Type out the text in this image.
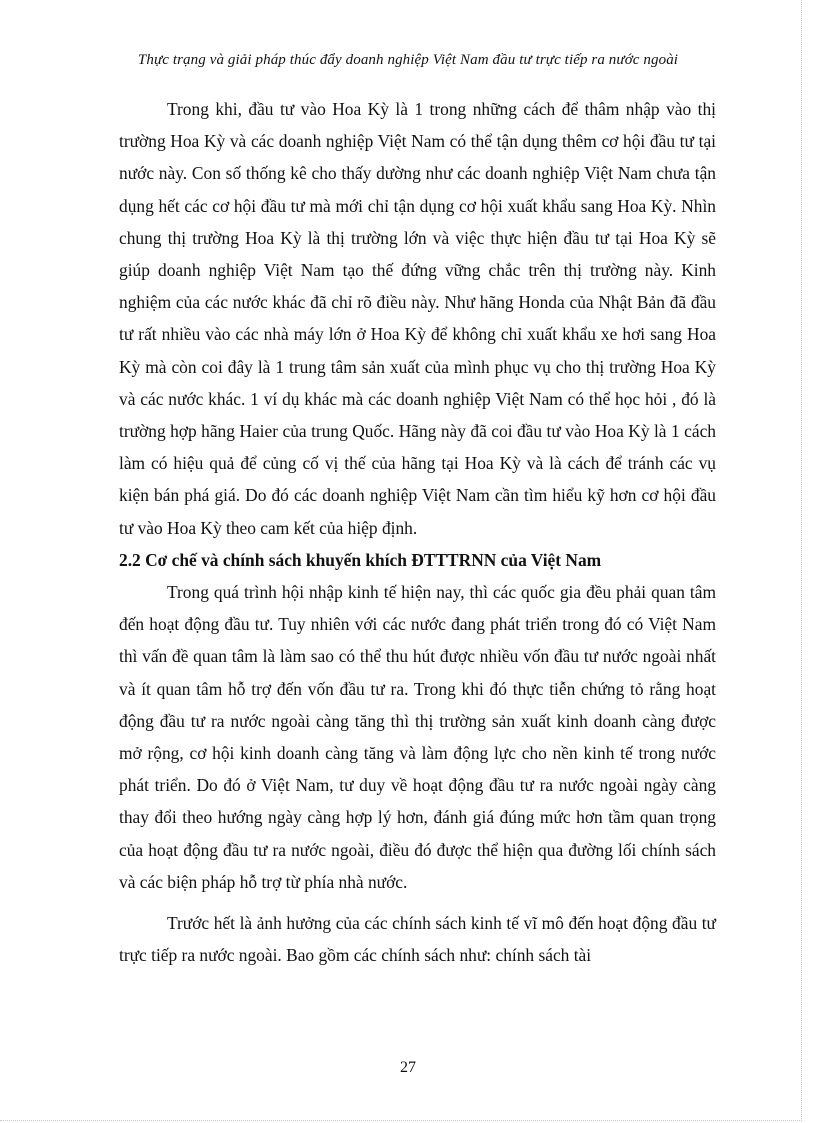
Thực trạng và giải pháp thúc đẩy doanh nghiệp Việt Nam đầu tư trực tiếp ra nước ngoài

Trong khi, đầu tư vào Hoa Kỳ là 1 trong những cách để thâm nhập vào thị trường Hoa Kỳ và các doanh nghiệp Việt Nam có thể tận dụng thêm cơ hội đầu tư tại nước này. Con số thống kê cho thấy dường như các doanh nghiệp Việt Nam chưa tận dụng hết các cơ hội đầu tư mà mới chỉ tận dụng cơ hội xuất khẩu sang Hoa Kỳ. Nhìn chung thị trường Hoa Kỳ là thị trường lớn và việc thực hiện đầu tư tại Hoa Kỳ sẽ giúp doanh nghiệp Việt Nam tạo thế đứng vững chắc trên thị trường này. Kinh nghiệm của các nước khác đã chỉ rõ điều này. Như hãng Honda của Nhật Bản đã đầu tư rất nhiều vào các nhà máy lớn ở Hoa Kỳ để không chỉ xuất khẩu xe hơi sang Hoa Kỳ mà còn coi đây là 1 trung tâm sản xuất của mình phục vụ cho thị trường Hoa Kỳ và các nước khác. 1 ví dụ khác mà các doanh nghiệp Việt Nam có thể học hỏi , đó là trường hợp hãng Haier của trung Quốc. Hãng này đã coi đầu tư vào Hoa Kỳ là 1 cách làm có hiệu quả để củng cố vị thế của hãng tại Hoa Kỳ và là cách để tránh các vụ kiện bán phá giá. Do đó các doanh nghiệp Việt Nam cần tìm hiểu kỹ hơn cơ hội đầu tư vào Hoa Kỳ theo cam kết của hiệp định.

2.2 Cơ chế và chính sách khuyến khích ĐTTTRNN của Việt Nam

Trong quá trình hội nhập kinh tế hiện nay, thì các quốc gia đều phải quan tâm đến hoạt động đầu tư. Tuy nhiên với các nước đang phát triển trong đó có Việt Nam thì vấn đề quan tâm là làm sao có thể thu hút được nhiều vốn đầu tư nước ngoài nhất và ít quan tâm hỗ trợ đến vốn đầu tư ra. Trong khi đó thực tiễn chứng tỏ rằng hoạt động đầu tư ra nước ngoài càng tăng thì thị trường sản xuất kinh doanh càng được mở rộng, cơ hội kinh doanh càng tăng và làm động lực cho nền kinh tế trong nước phát triển. Do đó ở Việt Nam, tư duy về hoạt động đầu tư ra nước ngoài ngày càng thay đổi theo hướng ngày càng hợp lý hơn, đánh giá đúng mức hơn tầm quan trọng của hoạt động đầu tư ra nước ngoài, điều đó được thể hiện qua đường lối chính sách và các biện pháp hỗ trợ từ phía nhà nước.

Trước hết là ảnh hưởng của các chính sách kinh tế vĩ mô đến hoạt động đầu tư trực tiếp ra nước ngoài. Bao gồm các chính sách như: chính sách tài

27
